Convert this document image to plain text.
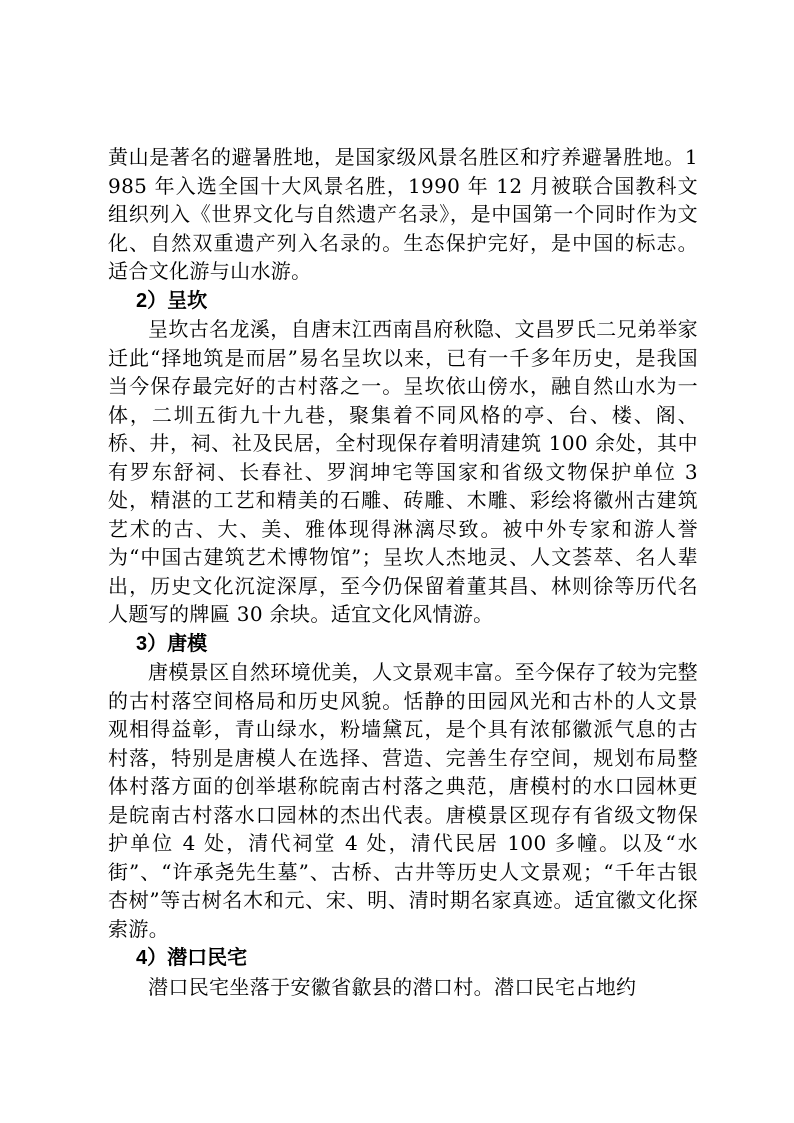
黄山是著名的避暑胜地，是国家级风景名胜区和疗养避暑胜地。1985 年入选全国十大风景名胜，1990 年 12 月被联合国教科文组织列入《世界文化与自然遗产名录》，是中国第一个同时作为文化、自然双重遗产列入名录的。生态保护完好，是中国的标志。适合文化游与山水游。

2）呈坎

呈坎古名龙溪，自唐末江西南昌府秋隐、文昌罗氏二兄弟举家迁此“择地筑是而居”易名呈坎以来，已有一千多年历史，是我国当今保存最完好的古村落之一。呈坎依山傍水，融自然山水为一体，二圳五街九十九巷，聚集着不同风格的亭、台、楼、阁、桥、井，祠、社及民居，全村现保存着明清建筑 100 余处，其中有罗东舒祠、长春社、罗润坤宅等国家和省级文物保护单位 3 处，精湛的工艺和精美的石雕、砖雕、木雕、彩绘将徽州古建筑艺术的古、大、美、雅体现得淋漓尽致。被中外专家和游人誉为“中国古建筑艺术博物馆”；呈坎人杰地灵、人文荟萃、名人辈出，历史文化沉淀深厚，至今仍保留着董其昌、林则徐等历代名人题写的牌匾 30 余块。适宜文化风情游。

3）唐模

唐模景区自然环境优美，人文景观丰富。至今保存了较为完整的古村落空间格局和历史风貌。恬静的田园风光和古朴的人文景观相得益彰，青山绿水，粉墙黛瓦，是个具有浓郁徽派气息的古村落，特别是唐模人在选择、营造、完善生存空间，规划布局整体村落方面的创举堪称皖南古村落之典范，唐模村的水口园林更是皖南古村落水口园林的杰出代表。唐模景区现存有省级文物保护单位 4 处，清代祠堂 4 处，清代民居 100 多幢。以及“水街”、“许承尧先生墓”、古桥、古井等历史人文景观；“千年古银杏树”等古树名木和元、宋、明、清时期名家真迹。适宜徽文化探索游。

4）潜口民宅

潜口民宅坐落于安徽省歙县的潜口村。潜口民宅占地约
